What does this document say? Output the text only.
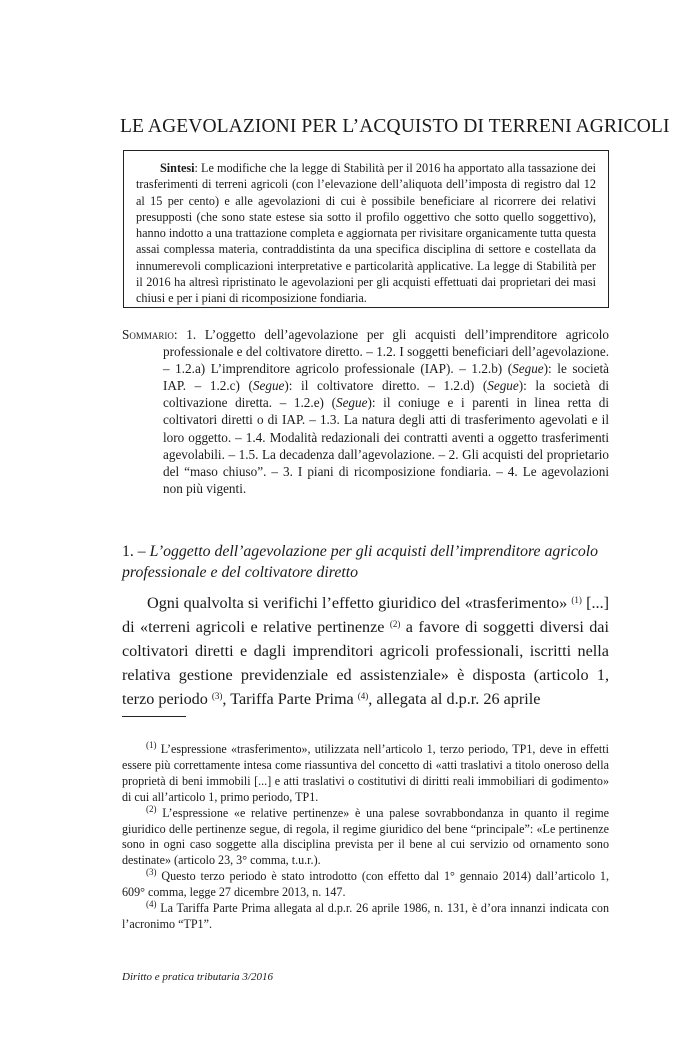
LE AGEVOLAZIONI PER L’ACQUISTO DI TERRENI AGRICOLI
Sintesi: Le modifiche che la legge di Stabilità per il 2016 ha apportato alla tassazione dei trasferimenti di terreni agricoli (con l’elevazione dell’aliquota dell’imposta di registro dal 12 al 15 per cento) e alle agevolazioni di cui è possibile beneficiare al ricorrere dei relativi presupposti (che sono state estese sia sotto il profilo oggettivo che sotto quello soggettivo), hanno indotto a una trattazione completa e aggiornata per rivisitare organicamente tutta questa assai complessa materia, contraddistinta da una specifica disciplina di settore e costellata da innumerevoli complicazioni interpretative e particolarità applicative. La legge di Stabilità per il 2016 ha altresì ripristinato le agevolazioni per gli acquisti effettuati dai proprietari dei masi chiusi e per i piani di ricomposizione fondiaria.
Sommario: 1. L’oggetto dell’agevolazione per gli acquisti dell’imprenditore agricolo professionale e del coltivatore diretto. – 1.2. I soggetti beneficiari dell’agevolazione. – 1.2.a) L’imprenditore agricolo professionale (IAP). – 1.2.b) (Segue): le società IAP. – 1.2.c) (Segue): il coltivatore diretto. – 1.2.d) (Segue): la società di coltivazione diretta. – 1.2.e) (Segue): il coniuge e i parenti in linea retta di coltivatori diretti o di IAP. – 1.3. La natura degli atti di trasferimento agevolati e il loro oggetto. – 1.4. Modalità redazionali dei contratti aventi a oggetto trasferimenti agevolabili. – 1.5. La decadenza dall’agevolazione. – 2. Gli acquisti del proprietario del “maso chiuso”. – 3. I piani di ricomposizione fondiaria. – 4. Le agevolazioni non più vigenti.
1. – L’oggetto dell’agevolazione per gli acquisti dell’imprenditore agricolo professionale e del coltivatore diretto

Ogni qualvolta si verifichi l’effetto giuridico del «trasferimento» $^{(1)}$ [...] di «terreni agricoli e relative pertinenze $^{(2)}$ a favore di soggetti diversi dai coltivatori diretti e dagli imprenditori agricoli professionali, iscritti nella relativa gestione previdenziale ed assistenziale» è disposta (articolo 1, terzo periodo $^{(3)}$, Tariffa Parte Prima $^{(4)}$, allegata al d.p.r. 26 aprile

$^{(1)}$ L’espressione «trasferimento», utilizzata nell’articolo 1, terzo periodo, TP1, deve in effetti essere più correttamente intesa come riassuntiva del concetto di «atti traslativi a titolo oneroso della proprietà di beni immobili [...] e atti traslativi o costitutivi di diritti reali immobiliari di godimento» di cui all’articolo 1, primo periodo, TP1.

$^{(2)}$ L’espressione «e relative pertinenze» è una palese sovrabbondanza in quanto il regime giuridico delle pertinenze segue, di regola, il regime giuridico del bene “principale”: «Le pertinenze sono in ogni caso soggette alla disciplina prevista per il bene al cui servizio od ornamento sono destinate» (articolo 23, 3° comma, t.u.r.).

$^{(3)}$ Questo terzo periodo è stato introdotto (con effetto dal 1° gennaio 2014) dall’articolo 1, 609° comma, legge 27 dicembre 2013, n. 147.

$^{(4)}$ La Tariffa Parte Prima allegata al d.p.r. 26 aprile 1986, n. 131, è d’ora innanzi indicata con l’acronimo “TP1”.

Diritto e pratica tributaria 3/2016
